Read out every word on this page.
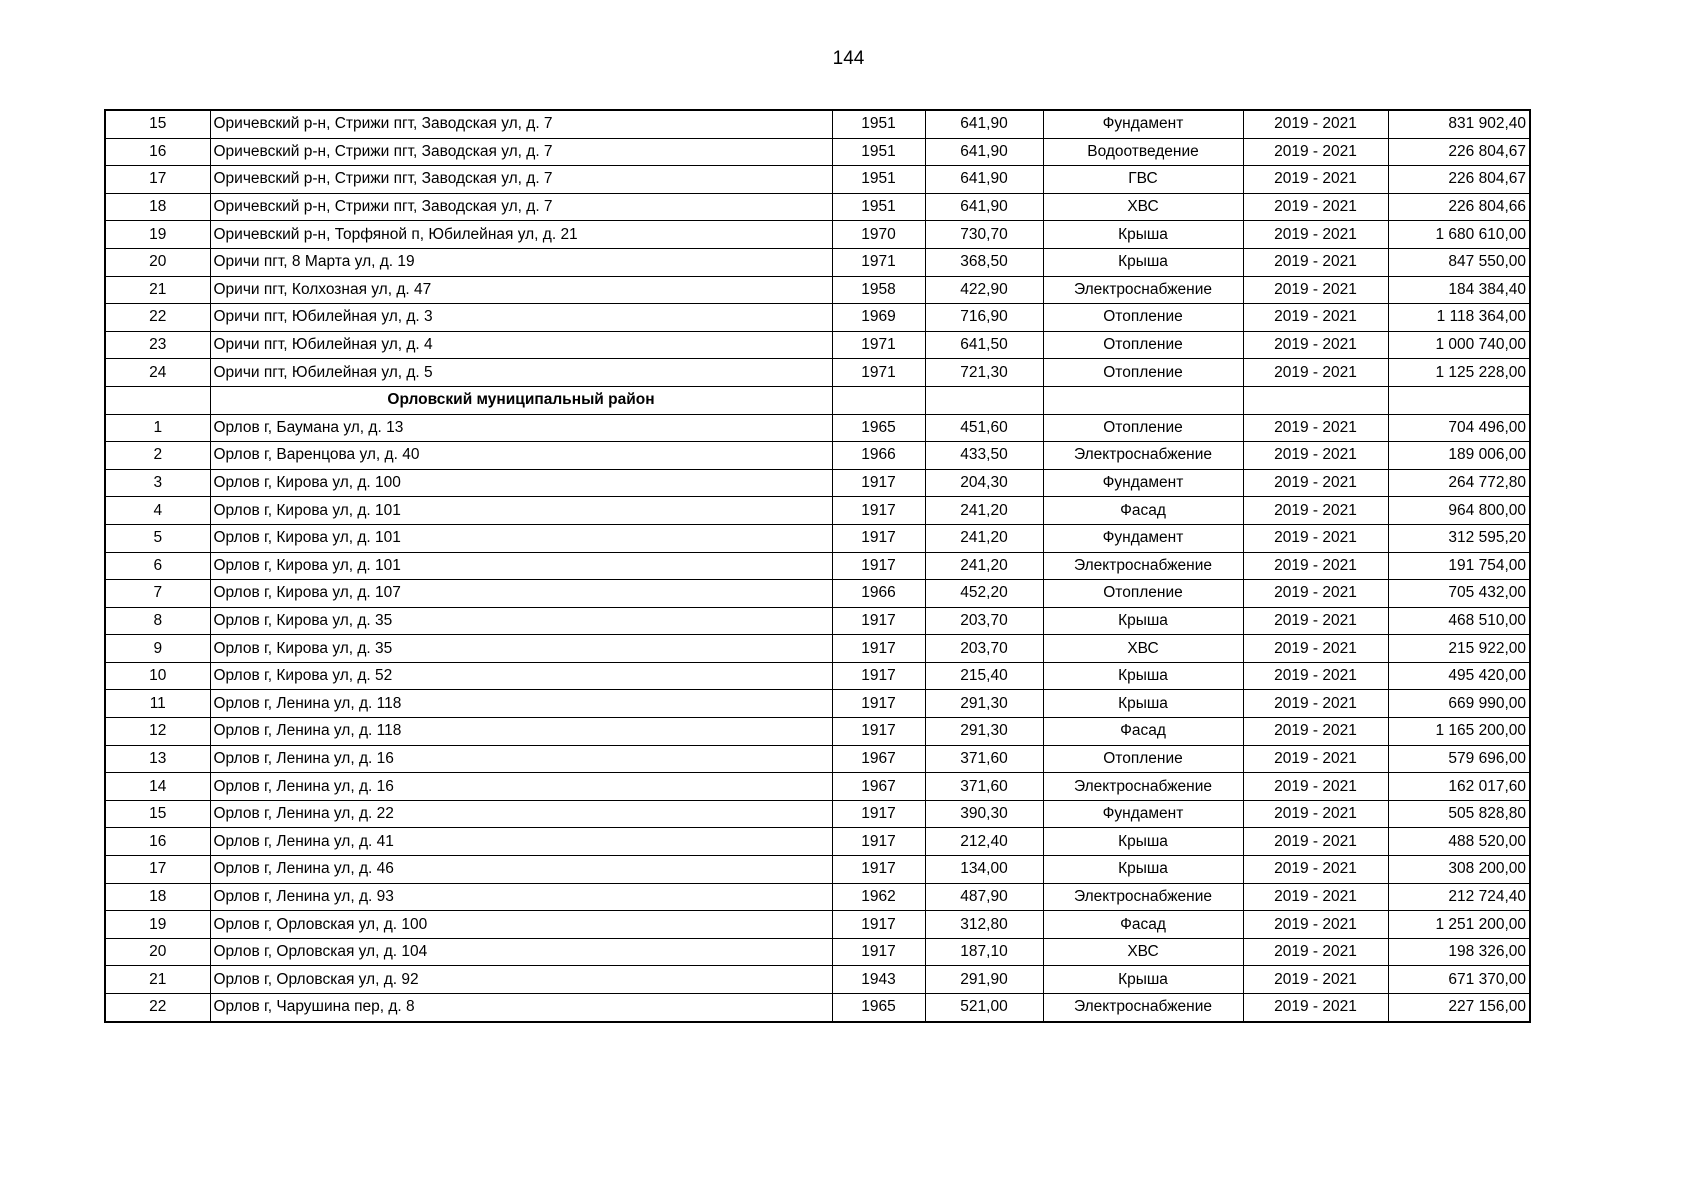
144
15	Оричевский р-н, Стрижи пгт, Заводская ул, д. 7	1951	641,90	Фундамент	2019 - 2021	831 902,40
16	Оричевский р-н, Стрижи пгт, Заводская ул, д. 7	1951	641,90	Водоотведение	2019 - 2021	226 804,67
17	Оричевский р-н, Стрижи пгт, Заводская ул, д. 7	1951	641,90	ГВС	2019 - 2021	226 804,67
18	Оричевский р-н, Стрижи пгт, Заводская ул, д. 7	1951	641,90	ХВС	2019 - 2021	226 804,66
19	Оричевский р-н, Торфяной п, Юбилейная ул, д. 21	1970	730,70	Крыша	2019 - 2021	1 680 610,00
20	Оричи пгт, 8 Марта ул, д. 19	1971	368,50	Крыша	2019 - 2021	847 550,00
21	Оричи пгт, Колхозная ул, д. 47	1958	422,90	Электроснабжение	2019 - 2021	184 384,40
22	Оричи пгт, Юбилейная ул, д. 3	1969	716,90	Отопление	2019 - 2021	1 118 364,00
23	Оричи пгт, Юбилейная ул, д. 4	1971	641,50	Отопление	2019 - 2021	1 000 740,00
24	Оричи пгт, Юбилейная ул, д. 5	1971	721,30	Отопление	2019 - 2021	1 125 228,00
	Орловский муниципальный район					
1	Орлов г, Баумана ул, д. 13	1965	451,60	Отопление	2019 - 2021	704 496,00
2	Орлов г, Варенцова ул, д. 40	1966	433,50	Электроснабжение	2019 - 2021	189 006,00
3	Орлов г, Кирова ул, д. 100	1917	204,30	Фундамент	2019 - 2021	264 772,80
4	Орлов г, Кирова ул, д. 101	1917	241,20	Фасад	2019 - 2021	964 800,00
5	Орлов г, Кирова ул, д. 101	1917	241,20	Фундамент	2019 - 2021	312 595,20
6	Орлов г, Кирова ул, д. 101	1917	241,20	Электроснабжение	2019 - 2021	191 754,00
7	Орлов г, Кирова ул, д. 107	1966	452,20	Отопление	2019 - 2021	705 432,00
8	Орлов г, Кирова ул, д. 35	1917	203,70	Крыша	2019 - 2021	468 510,00
9	Орлов г, Кирова ул, д. 35	1917	203,70	ХВС	2019 - 2021	215 922,00
10	Орлов г, Кирова ул, д. 52	1917	215,40	Крыша	2019 - 2021	495 420,00
11	Орлов г, Ленина ул, д. 118	1917	291,30	Крыша	2019 - 2021	669 990,00
12	Орлов г, Ленина ул, д. 118	1917	291,30	Фасад	2019 - 2021	1 165 200,00
13	Орлов г, Ленина ул, д. 16	1967	371,60	Отопление	2019 - 2021	579 696,00
14	Орлов г, Ленина ул, д. 16	1967	371,60	Электроснабжение	2019 - 2021	162 017,60
15	Орлов г, Ленина ул, д. 22	1917	390,30	Фундамент	2019 - 2021	505 828,80
16	Орлов г, Ленина ул, д. 41	1917	212,40	Крыша	2019 - 2021	488 520,00
17	Орлов г, Ленина ул, д. 46	1917	134,00	Крыша	2019 - 2021	308 200,00
18	Орлов г, Ленина ул, д. 93	1962	487,90	Электроснабжение	2019 - 2021	212 724,40
19	Орлов г, Орловская ул, д. 100	1917	312,80	Фасад	2019 - 2021	1 251 200,00
20	Орлов г, Орловская ул, д. 104	1917	187,10	ХВС	2019 - 2021	198 326,00
21	Орлов г, Орловская ул, д. 92	1943	291,90	Крыша	2019 - 2021	671 370,00
22	Орлов г, Чарушина пер, д. 8	1965	521,00	Электроснабжение	2019 - 2021	227 156,00
